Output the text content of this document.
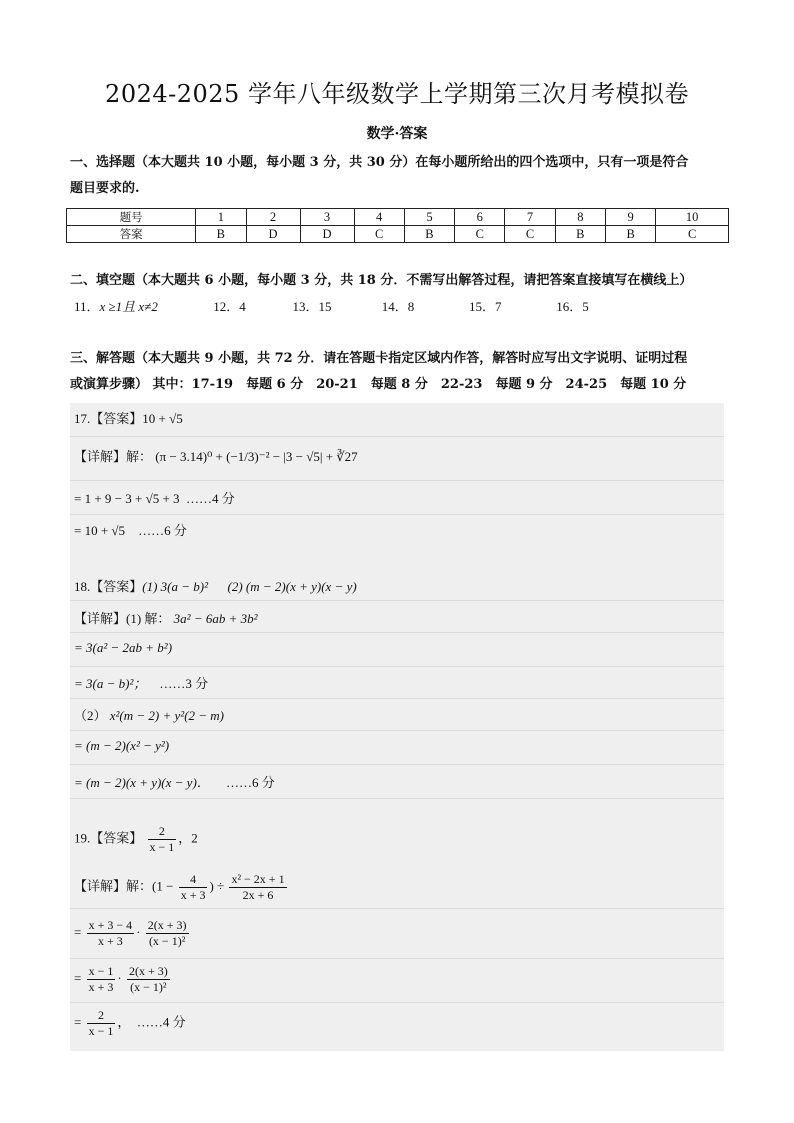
2024-2025 学年八年级数学上学期第三次月考模拟卷
数学·答案
一、选择题（本大题共 10 小题，每小题 3 分，共 30 分）在每小题所给出的四个选项中，只有一项是符合
题目要求的.
题号	1	2	3	4	5	6	7	8	9	10
答案	B	D	D	C	B	C	C	B	B	C
二、填空题（本大题共 6 小题，每小题 3 分，共 18 分．不需写出解答过程，请把答案直接填写在横线上）
11．x ≥1且 x≠2	12．4	13．15	14．8	15．7	16．5
三、解答题（本大题共 9 小题，共 72 分．请在答题卡指定区域内作答，解答时应写出文字说明、证明过程
或演算步骤） 其中：17-19　每题 6 分　20-21　每题 8 分　22-23　每题 9 分　24-25　每题 10 分
17.【答案】10 + √5
【详解】解： (π − 3.14)⁰ + (−1/3)⁻² − |3 − √5| + ∛27
= 1 + 9 − 3 + √5 + 3 ……4 分
= 10 + √5 ……6 分
18.【答案】(1) 3(a − b)² (2) (m − 2)(x + y)(x − y)
【详解】(1) 解： 3a² − 6ab + 3b²
= 3(a² − 2ab + b²)
= 3(a − b)²； ……3 分
（2） x²(m − 2) + y²(2 − m)
= (m − 2)(x² − y²)
= (m − 2)(x + y)(x − y)． ……6 分
19.【答案】 $\frac{2}{x - 1}$ ，2
【详解】解：($1 - \frac{4}{x + 3}$ ) ÷ $\frac{\text{x² − 2x + 1}}{2x + 6}$
= $\frac{x + 3 - 4}{x + 3} \cdot \frac{2(x + 3)}{\text{(x − 1)²}}$
= $\frac{x - 1}{x + 3} \cdot \frac{2(x + 3)}{\text{(x − 1)²}}$
= $\frac{2}{x - 1}$ ，　……4 分
